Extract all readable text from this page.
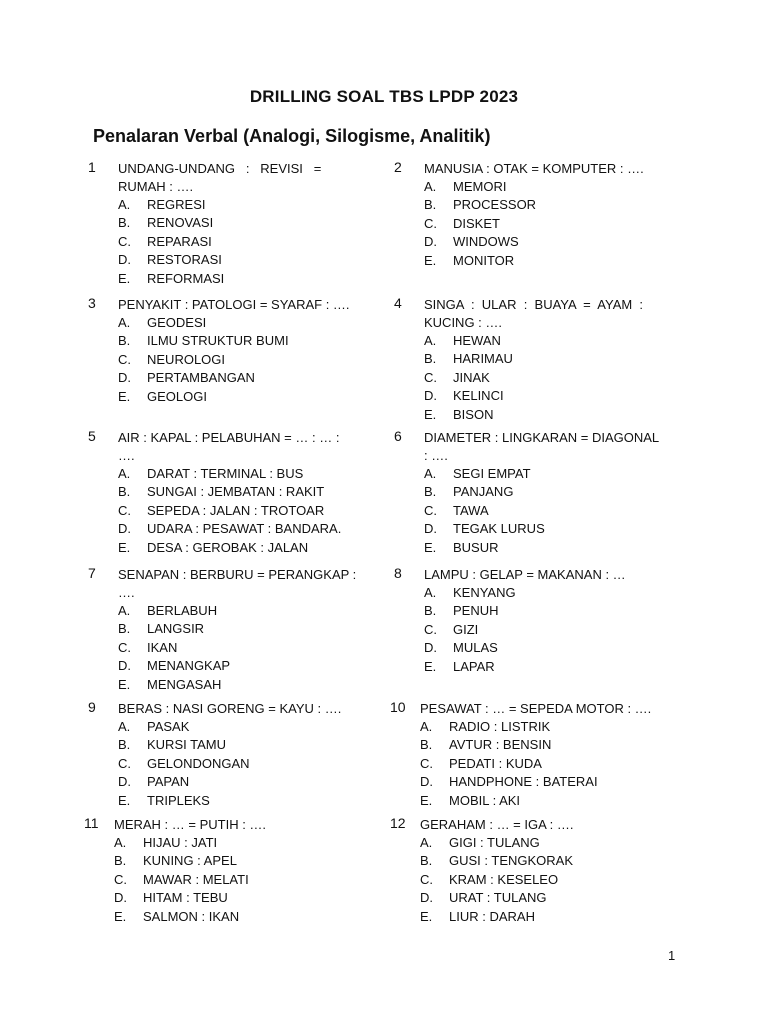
DRILLING SOAL TBS LPDP 2023
Penalaran Verbal (Analogi, Silogisme, Analitik)
1 UNDANG-UNDANG   :   REVISI   =
RUMAH : ….
A. REGRESI
B. RENOVASI
C. REPARASI
D. RESTORASI
E. REFORMASI
2 MANUSIA : OTAK = KOMPUTER : ….
A. MEMORI
B. PROCESSOR
C. DISKET
D. WINDOWS
E. MONITOR
3 PENYAKIT : PATOLOGI = SYARAF : ….
A. GEODESI
B. ILMU STRUKTUR BUMI
C. NEUROLOGI
D. PERTAMBANGAN
E. GEOLOGI
4 SINGA  :  ULAR  :  BUAYA  =  AYAM  :
KUCING : ….
A. HEWAN
B. HARIMAU
C. JINAK
D. KELINCI
E. BISON
5 AIR : KAPAL : PELABUHAN = … : … :
….
A. DARAT : TERMINAL : BUS
B. SUNGAI : JEMBATAN : RAKIT
C. SEPEDA : JALAN : TROTOAR
D. UDARA : PESAWAT : BANDARA.
E. DESA : GEROBAK : JALAN
6 DIAMETER : LINGKARAN = DIAGONAL
: ….
A. SEGI EMPAT
B. PANJANG
C. TAWA
D. TEGAK LURUS
E. BUSUR
7 SENAPAN : BERBURU = PERANGKAP :
….
A. BERLABUH
B. LANGSIR
C. IKAN
D. MENANGKAP
E. MENGASAH
8 LAMPU : GELAP = MAKANAN : …
A. KENYANG
B. PENUH
C. GIZI
D. MULAS
E. LAPAR
9 BERAS : NASI GORENG = KAYU : ….
A. PASAK
B. KURSI TAMU
C. GELONDONGAN
D. PAPAN
E. TRIPLEKS
10 PESAWAT : … = SEPEDA MOTOR : ….
A. RADIO : LISTRIK
B. AVTUR : BENSIN
C. PEDATI : KUDA
D. HANDPHONE : BATERAI
E. MOBIL : AKI
11 MERAH : … = PUTIH : ….
A. HIJAU : JATI
B. KUNING : APEL
C. MAWAR : MELATI
D. HITAM : TEBU
E. SALMON : IKAN
12 GERAHAM : … = IGA : ….
A. GIGI : TULANG
B. GUSI : TENGKORAK
C. KRAM : KESELEO
D. URAT : TULANG
E. LIUR : DARAH
1
